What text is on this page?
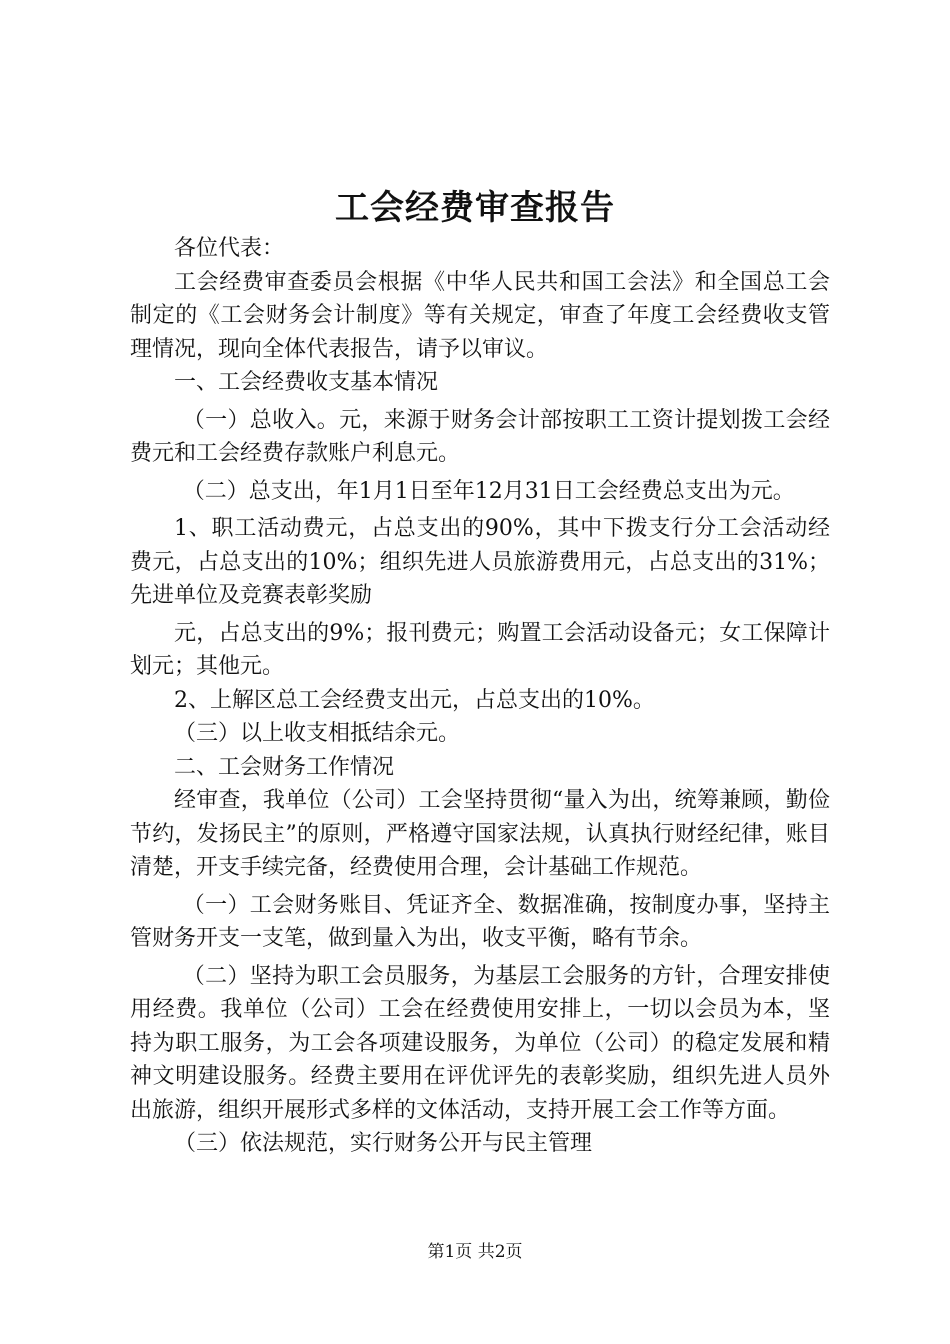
工会经费审查报告

各位代表：

工会经费审查委员会根据《中华人民共和国工会法》和全国总工会制定的《工会财务会计制度》等有关规定，审查了年度工会经费收支管理情况，现向全体代表报告，请予以审议。

一、工会经费收支基本情况

（一）总收入。元，来源于财务会计部按职工工资计提划拨工会经费元和工会经费存款账户利息元。

（二）总支出，年1月1日至年12月31日工会经费总支出为元。

1、职工活动费元，占总支出的90%，其中下拨支行分工会活动经费元，占总支出的10%；组织先进人员旅游费用元，占总支出的31%；先进单位及竞赛表彰奖励

元，占总支出的9%；报刊费元；购置工会活动设备元；女工保障计划元；其他元。

2、上解区总工会经费支出元，占总支出的10%。

（三）以上收支相抵结余元。

二、工会财务工作情况

经审查，我单位（公司）工会坚持贯彻“量入为出，统筹兼顾，勤俭节约，发扬民主”的原则，严格遵守国家法规，认真执行财经纪律，账目清楚，开支手续完备，经费使用合理，会计基础工作规范。

（一）工会财务账目、凭证齐全、数据准确，按制度办事，坚持主管财务开支一支笔，做到量入为出，收支平衡，略有节余。

（二）坚持为职工会员服务，为基层工会服务的方针，合理安排使用经费。我单位（公司）工会在经费使用安排上，一切以会员为本，坚持为职工服务，为工会各项建设服务，为单位（公司）的稳定发展和精神文明建设服务。经费主要用在评优评先的表彰奖励，组织先进人员外出旅游，组织开展形式多样的文体活动，支持开展工会工作等方面。

（三）依法规范，实行财务公开与民主管理

第1页 共2页
